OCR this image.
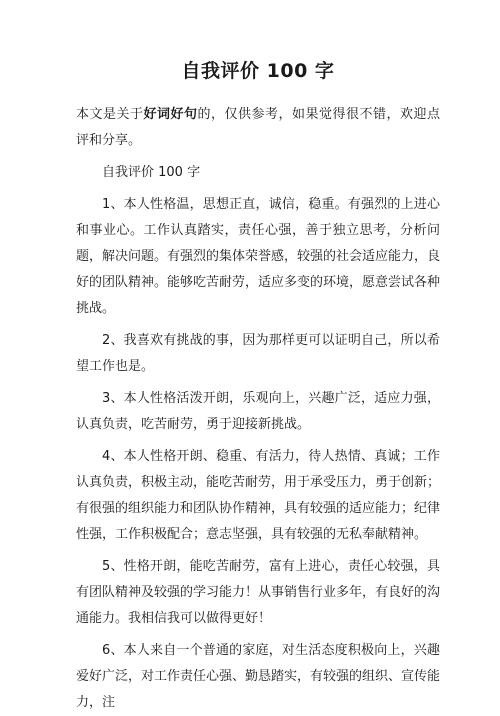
自我评价 100 字

本文是关于好词好句的，仅供参考，如果觉得很不错，欢迎点评和分享。

自我评价 100 字

1、本人性格温，思想正直，诚信，稳重。有强烈的上进心和事业心。工作认真踏实，责任心强，善于独立思考，分析问题，解决问题。有强烈的集体荣誉感，较强的社会适应能力，良好的团队精神。能够吃苦耐劳，适应多变的环境，愿意尝试各种挑战。

2、我喜欢有挑战的事，因为那样更可以证明自己，所以希望工作也是。

3、本人性格活泼开朗，乐观向上，兴趣广泛，适应力强，认真负责，吃苦耐劳，勇于迎接新挑战。

4、本人性格开朗、稳重、有活力，待人热情、真诚；工作认真负责，积极主动，能吃苦耐劳，用于承受压力，勇于创新；有很强的组织能力和团队协作精神，具有较强的适应能力；纪律性强，工作积极配合；意志坚强，具有较强的无私奉献精神。

5、性格开朗，能吃苦耐劳，富有上进心，责任心较强，具有团队精神及较强的学习能力！从事销售行业多年，有良好的沟通能力。我相信我可以做得更好！

6、本人来自一个普通的家庭，对生活态度积极向上，兴趣爱好广泛，对工作责任心强、勤恳踏实，有较强的组织、宣传能力，注
